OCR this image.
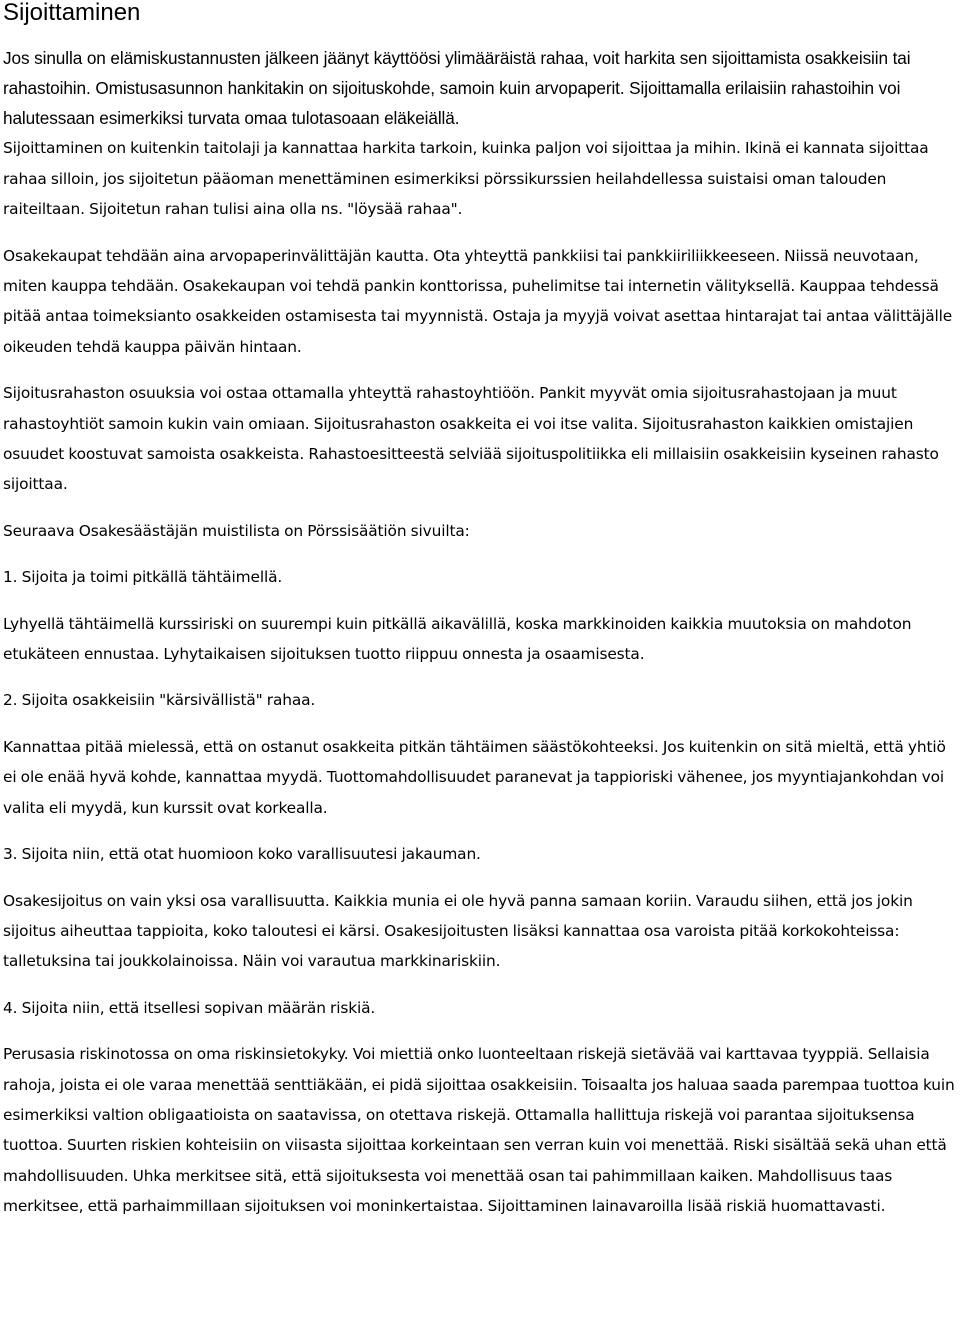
Sijoittaminen

Jos sinulla on elämiskustannusten jälkeen jäänyt käyttöösi ylimääräistä rahaa, voit harkita sen sijoittamista osakkeisiin tai rahastoihin. Omistusasunnon hankitakin on sijoituskohde, samoin kuin arvopaperit. Sijoittamalla erilaisiin rahastoihin voi halutessaan esimerkiksi turvata omaa tulotasoaan eläkeiällä.

Sijoittaminen on kuitenkin taitolaji ja kannattaa harkita tarkoin, kuinka paljon voi sijoittaa ja mihin. Ikinä ei kannata sijoittaa rahaa silloin, jos sijoitetun pääoman menettäminen esimerkiksi pörssikurssien heilahdellessa suistaisi oman talouden raiteiltaan. Sijoitetun rahan tulisi aina olla ns. "löysää rahaa".

Osakekaupat tehdään aina arvopaperinvälittäjän kautta. Ota yhteyttä pankkiisi tai pankkiiriliikkeeseen. Niissä neuvotaan, miten kauppa tehdään. Osakekaupan voi tehdä pankin konttorissa, puhelimitse tai internetin välityksellä. Kauppaa tehdessä pitää antaa toimeksianto osakkeiden ostamisesta tai myynnistä. Ostaja ja myyjä voivat asettaa hintarajat tai antaa välittäjälle oikeuden tehdä kauppa päivän hintaan.

Sijoitusrahaston osuuksia voi ostaa ottamalla yhteyttä rahastoyhtiöön. Pankit myyvät omia sijoitusrahastojaan ja muut rahastoyhtiöt samoin kukin vain omiaan. Sijoitusrahaston osakkeita ei voi itse valita. Sijoitusrahaston kaikkien omistajien osuudet koostuvat samoista osakkeista. Rahastoesitteestä selviää sijoituspolitiikka eli millaisiin osakkeisiin kyseinen rahasto sijoittaa.

Seuraava Osakesäästäjän muistilista on Pörssisäätiön sivuilta:

1. Sijoita ja toimi pitkällä tähtäimellä.

Lyhyellä tähtäimellä kurssiriski on suurempi kuin pitkällä aikavälillä, koska markkinoiden kaikkia muutoksia on mahdoton etukäteen ennustaa. Lyhytaikaisen sijoituksen tuotto riippuu onnesta ja osaamisesta.

2. Sijoita osakkeisiin "kärsivällistä" rahaa.

Kannattaa pitää mielessä, että on ostanut osakkeita pitkän tähtäimen säästökohteeksi. Jos kuitenkin on sitä mieltä, että yhtiö ei ole enää hyvä kohde, kannattaa myydä. Tuottomahdollisuudet paranevat ja tappioriski vähenee, jos myyntiajankohdan voi valita eli myydä, kun kurssit ovat korkealla.

3. Sijoita niin, että otat huomioon koko varallisuutesi jakauman.

Osakesijoitus on vain yksi osa varallisuutta. Kaikkia munia ei ole hyvä panna samaan koriin. Varaudu siihen, että jos jokin sijoitus aiheuttaa tappioita, koko taloutesi ei kärsi. Osakesijoitusten lisäksi kannattaa osa varoista pitää korkokohteissa: talletuksina tai joukkolainoissa. Näin voi varautua markkinariskiin.

4. Sijoita niin, että itsellesi sopivan määrän riskiä.

Perusasia riskinotossa on oma riskinsietokyky. Voi miettiä onko luonteeltaan riskejä sietävää vai karttavaa tyyppiä. Sellaisia rahoja, joista ei ole varaa menettää senttiäkään, ei pidä sijoittaa osakkeisiin. Toisaalta jos haluaa saada parempaa tuottoa kuin esimerkiksi valtion obligaatioista on saatavissa, on otettava riskejä. Ottamalla hallittuja riskejä voi parantaa sijoituksensa tuottoa. Suurten riskien kohteisiin on viisasta sijoittaa korkeintaan sen verran kuin voi menettää. Riski sisältää sekä uhan että mahdollisuuden. Uhka merkitsee sitä, että sijoituksesta voi menettää osan tai pahimmillaan kaiken. Mahdollisuus taas merkitsee, että parhaimmillaan sijoituksen voi moninkertaistaa. Sijoittaminen lainavaroilla lisää riskiä huomattavasti.
